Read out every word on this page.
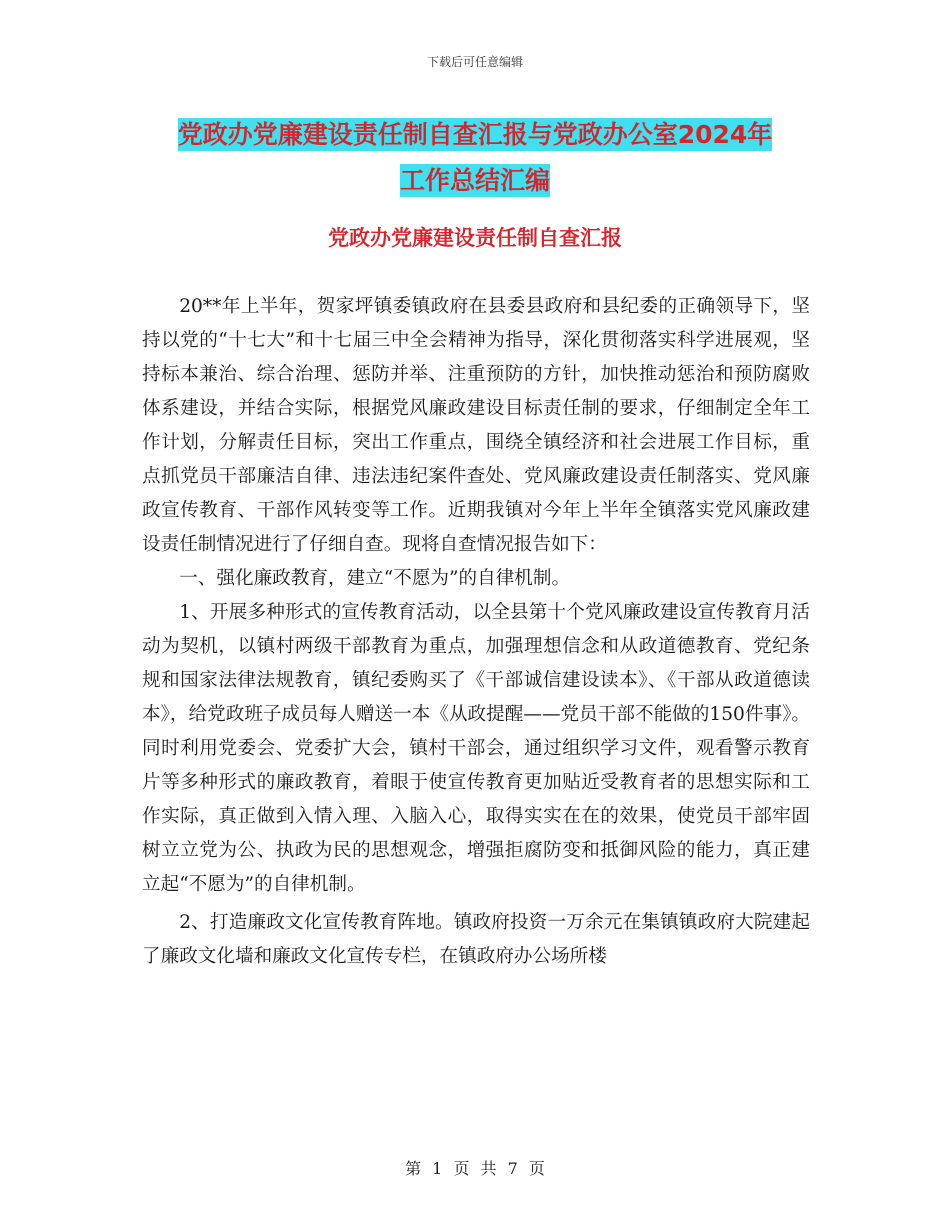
下载后可任意编辑
党政办党廉建设责任制自查汇报与党政办公室2024年
工作总结汇编
党政办党廉建设责任制自查汇报

20**年上半年，贺家坪镇委镇政府在县委县政府和县纪委的正确领导下，坚持以党的“十七大”和十七届三中全会精神为指导，深化贯彻落实科学进展观，坚持标本兼治、综合治理、惩防并举、注重预防的方针，加快推动惩治和预防腐败体系建设，并结合实际，根据党风廉政建设目标责任制的要求，仔细制定全年工作计划，分解责任目标，突出工作重点，围绕全镇经济和社会进展工作目标，重点抓党员干部廉洁自律、违法违纪案件查处、党风廉政建设责任制落实、党风廉政宣传教育、干部作风转变等工作。近期我镇对今年上半年全镇落实党风廉政建设责任制情况进行了仔细自查。现将自查情况报告如下：

一、强化廉政教育，建立“不愿为”的自律机制。

1、开展多种形式的宣传教育活动，以全县第十个党风廉政建设宣传教育月活动为契机，以镇村两级干部教育为重点，加强理想信念和从政道德教育、党纪条规和国家法律法规教育，镇纪委购买了《干部诚信建设读本》、《干部从政道德读本》，给党政班子成员每人赠送一本《从政提醒——党员干部不能做的150件事》。同时利用党委会、党委扩大会，镇村干部会，通过组织学习文件，观看警示教育片等多种形式的廉政教育，着眼于使宣传教育更加贴近受教育者的思想实际和工作实际，真正做到入情入理、入脑入心，取得实实在在的效果，使党员干部牢固树立立党为公、执政为民的思想观念，增强拒腐防变和抵御风险的能力，真正建立起“不愿为”的自律机制。

2、打造廉政文化宣传教育阵地。镇政府投资一万余元在集镇镇政府大院建起了廉政文化墙和廉政文化宣传专栏，在镇政府办公场所楼

第 1 页 共 7 页
